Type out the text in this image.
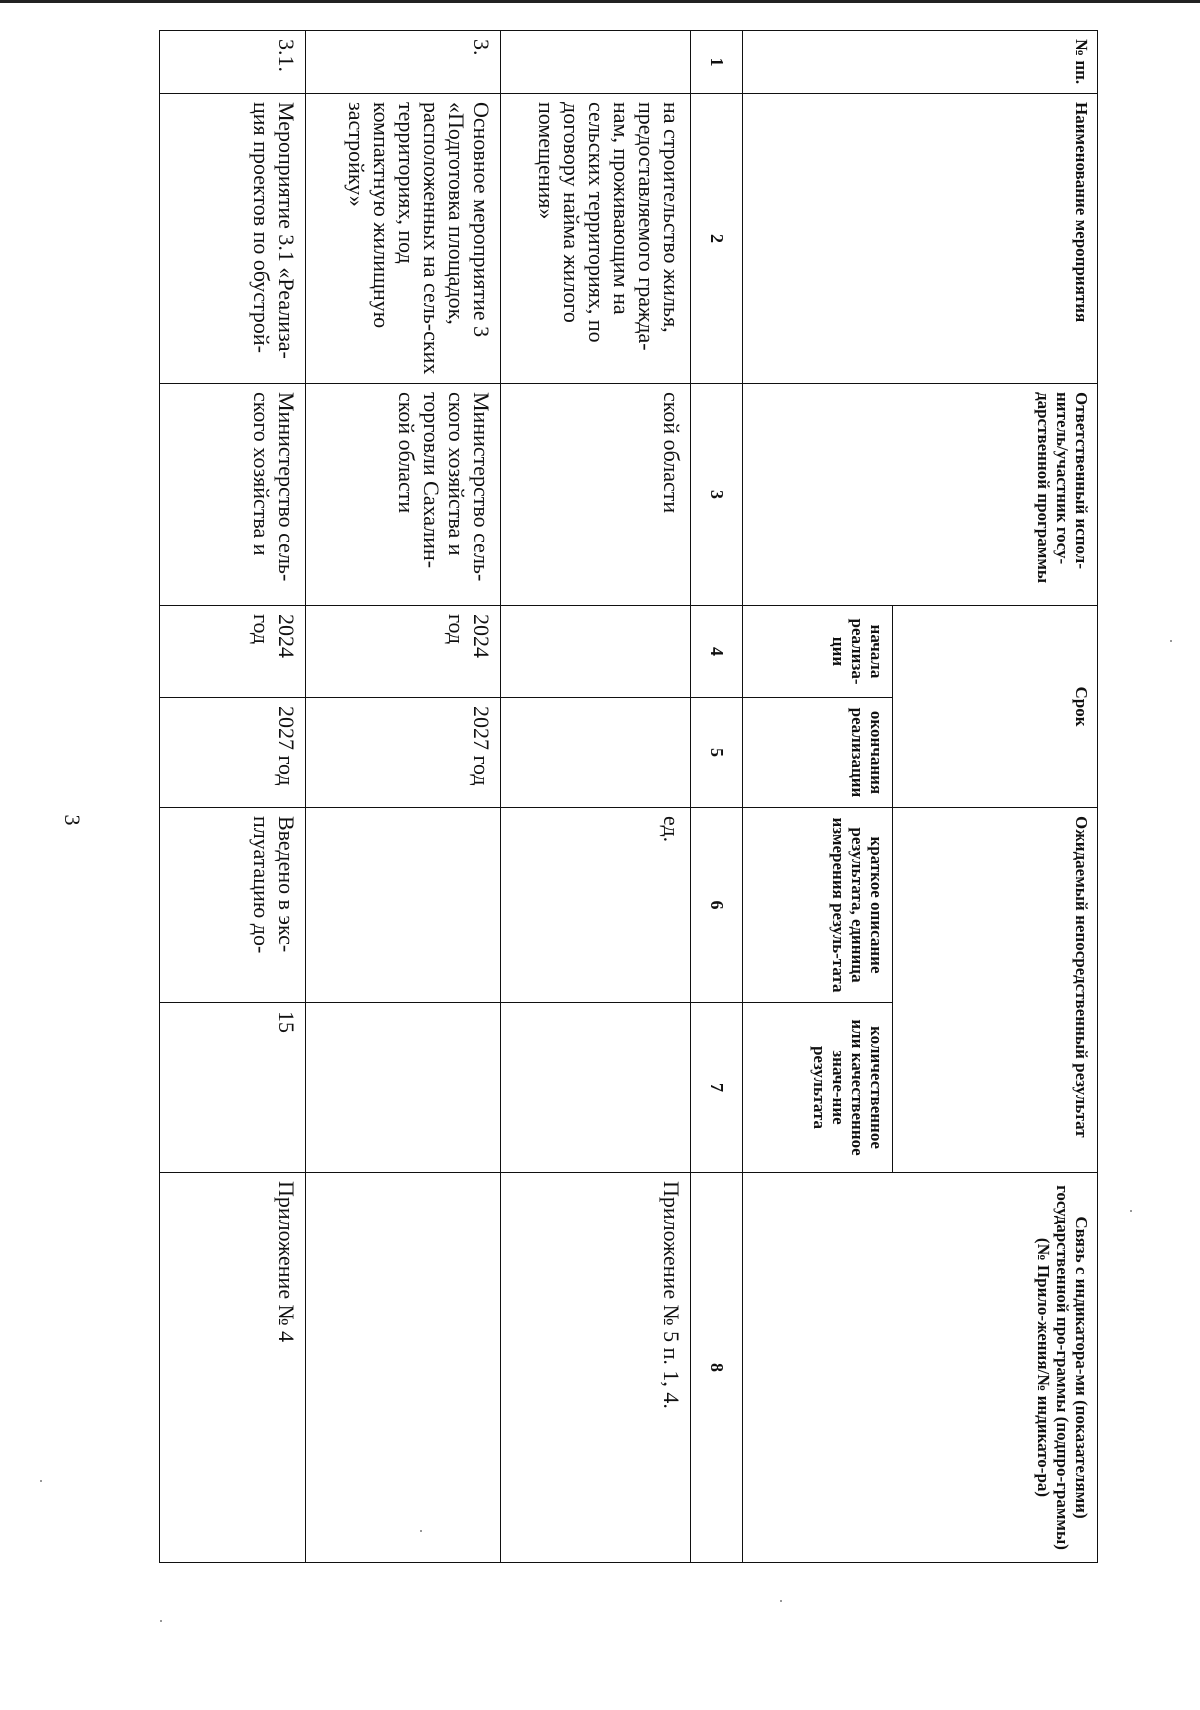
3
№ пп.	Наименование мероприятия	Ответственный испол-нитель/участник госу-дарственной программы	Срок		Ожидаемый непосредственный результат		Связь с индикатора-ми (показателями) государственной про-граммы (подпро-граммы) (№ Прило-жения/№ индикато-ра)
			начала реализа-ции	окончания реализации	краткое описание результата, единица измерения резуль-тата	количественное или качественное значе-ние результата	
1	2	3	4	5	6	7	8
	на строительство жилья, предоставляемого гражда-нам, проживающим на сельских территориях, по договору найма жилого помещения»	ской области			ед.		Приложение № 5 п. 1, 4.
3.	Основное мероприятие 3 «Подготовка площадок, расположенных на сель-ских территориях, под компактную жилищную застройку»	Министерство сель-ского хозяйства и торговли Сахалин-ской области	2024 год	2027 год			
3.1.	Мероприятие 3.1 «Реализа-ция проектов по обустрой-	Министерство сель-ского хозяйства и	2024 год	2027 год	Введено в экс-плуатацию до-	15	Приложение № 4
